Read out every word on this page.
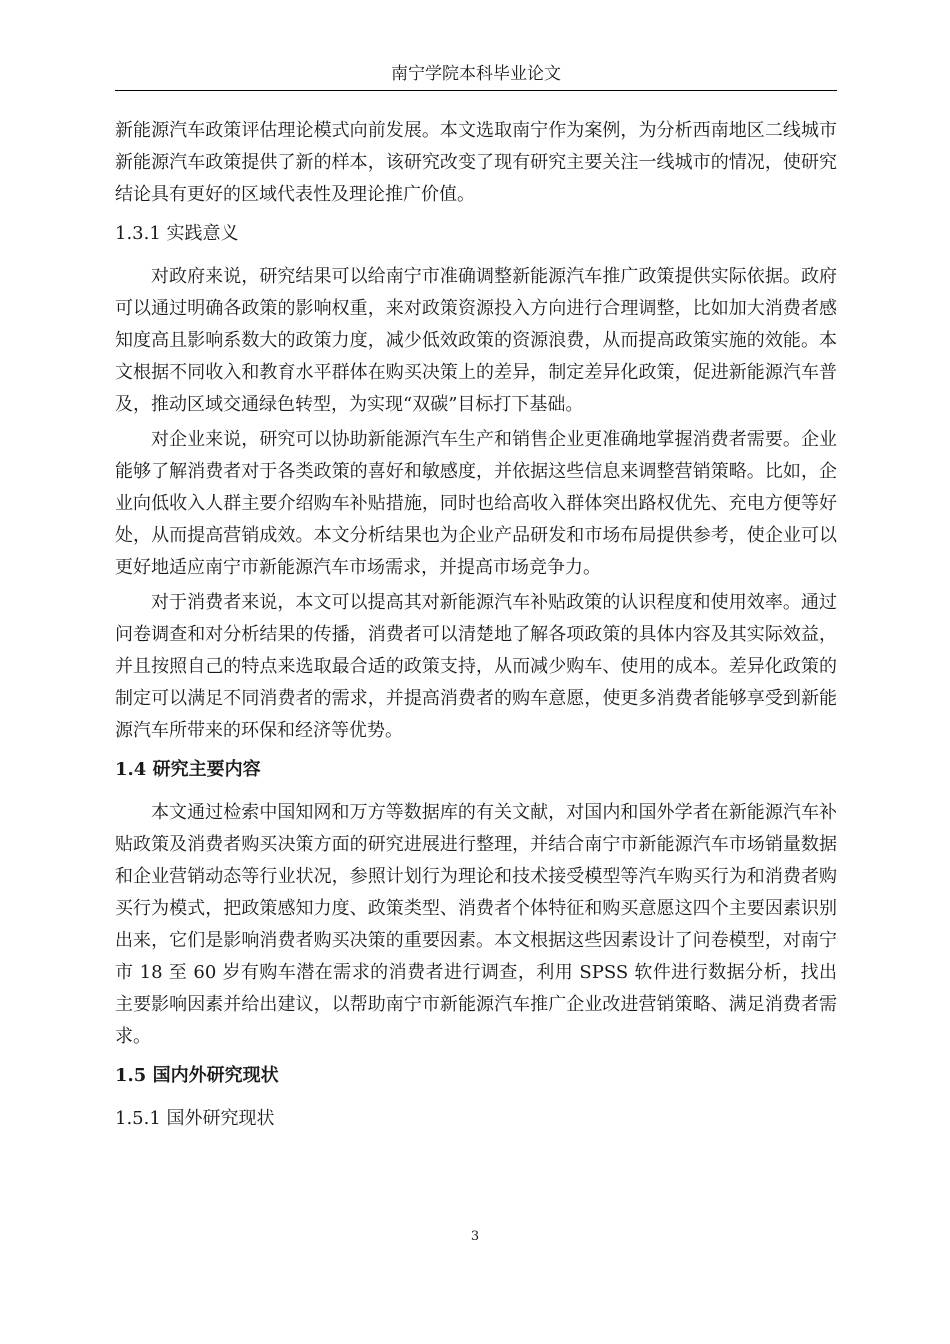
南宁学院本科毕业论文

新能源汽车政策评估理论模式向前发展。本文选取南宁作为案例，为分析西南地区二线城市新能源汽车政策提供了新的样本，该研究改变了现有研究主要关注一线城市的情况，使研究结论具有更好的区域代表性及理论推广价值。

1.3.1 实践意义

对政府来说，研究结果可以给南宁市准确调整新能源汽车推广政策提供实际依据。政府可以通过明确各政策的影响权重，来对政策资源投入方向进行合理调整，比如加大消费者感知度高且影响系数大的政策力度，减少低效政策的资源浪费，从而提高政策实施的效能。本文根据不同收入和教育水平群体在购买决策上的差异，制定差异化政策，促进新能源汽车普及，推动区域交通绿色转型，为实现“双碳”目标打下基础。

对企业来说，研究可以协助新能源汽车生产和销售企业更准确地掌握消费者需要。企业能够了解消费者对于各类政策的喜好和敏感度，并依据这些信息来调整营销策略。比如，企业向低收入人群主要介绍购车补贴措施，同时也给高收入群体突出路权优先、充电方便等好处，从而提高营销成效。本文分析结果也为企业产品研发和市场布局提供参考，使企业可以更好地适应南宁市新能源汽车市场需求，并提高市场竞争力。

对于消费者来说，本文可以提高其对新能源汽车补贴政策的认识程度和使用效率。通过问卷调查和对分析结果的传播，消费者可以清楚地了解各项政策的具体内容及其实际效益，并且按照自己的特点来选取最合适的政策支持，从而减少购车、使用的成本。差异化政策的制定可以满足不同消费者的需求，并提高消费者的购车意愿，使更多消费者能够享受到新能源汽车所带来的环保和经济等优势。

1.4 研究主要内容

本文通过检索中国知网和万方等数据库的有关文献，对国内和国外学者在新能源汽车补贴政策及消费者购买决策方面的研究进展进行整理，并结合南宁市新能源汽车市场销量数据和企业营销动态等行业状况，参照计划行为理论和技术接受模型等汽车购买行为和消费者购买行为模式，把政策感知力度、政策类型、消费者个体特征和购买意愿这四个主要因素识别出来，它们是影响消费者购买决策的重要因素。本文根据这些因素设计了问卷模型，对南宁市 18 至 60 岁有购车潜在需求的消费者进行调查，利用 SPSS 软件进行数据分析，找出主要影响因素并给出建议，以帮助南宁市新能源汽车推广企业改进营销策略、满足消费者需求。

1.5 国内外研究现状
1.5.1 国外研究现状
3
